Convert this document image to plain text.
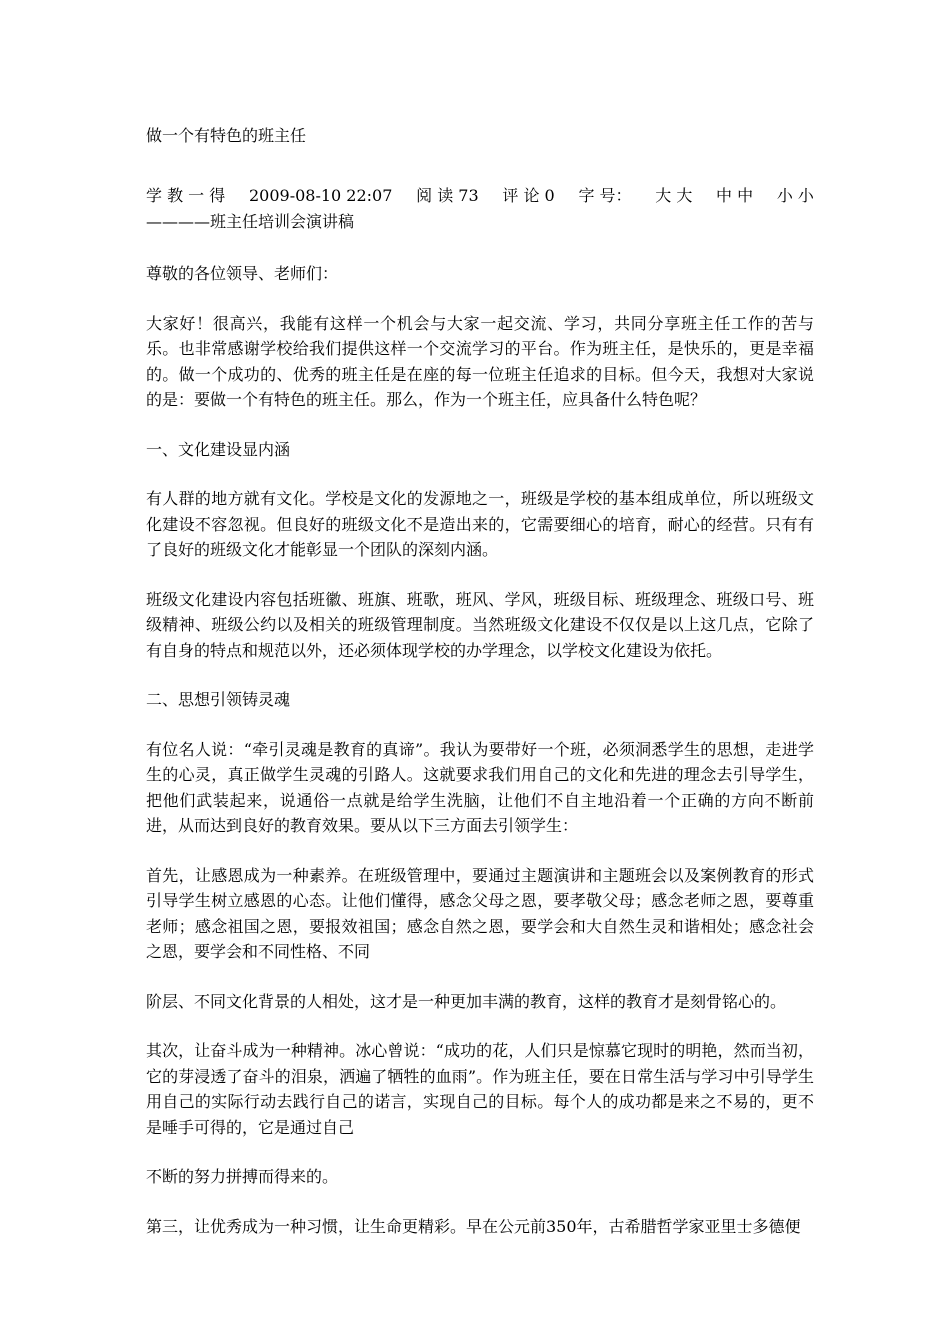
做一个有特色的班主任
学 教 一 得 2009-08-10 22:07 阅 读 73 评 论 0 字 号： 大 大 中 中 小 小
————班主任培训会演讲稿

尊敬的各位领导、老师们：

大家好！很高兴，我能有这样一个机会与大家一起交流、学习，共同分享班主任工作的苦与乐。也非常感谢学校给我们提供这样一个交流学习的平台。作为班主任，是快乐的，更是幸福的。做一个成功的、优秀的班主任是在座的每一位班主任追求的目标。但今天，我想对大家说的是：要做一个有特色的班主任。那么，作为一个班主任，应具备什么特色呢？

一、文化建设显内涵

有人群的地方就有文化。学校是文化的发源地之一，班级是学校的基本组成单位，所以班级文化建设不容忽视。但良好的班级文化不是造出来的，它需要细心的培育，耐心的经营。只有有了良好的班级文化才能彰显一个团队的深刻内涵。

班级文化建设内容包括班徽、班旗、班歌，班风、学风，班级目标、班级理念、班级口号、班级精神、班级公约以及相关的班级管理制度。当然班级文化建设不仅仅是以上这几点，它除了有自身的特点和规范以外，还必须体现学校的办学理念，以学校文化建设为依托。

二、思想引领铸灵魂

有位名人说：“牵引灵魂是教育的真谛”。我认为要带好一个班，必须洞悉学生的思想，走进学生的心灵，真正做学生灵魂的引路人。这就要求我们用自己的文化和先进的理念去引导学生，把他们武装起来，说通俗一点就是给学生洗脑，让他们不自主地沿着一个正确的方向不断前进，从而达到良好的教育效果。要从以下三方面去引领学生：

首先，让感恩成为一种素养。在班级管理中，要通过主题演讲和主题班会以及案例教育的形式引导学生树立感恩的心态。让他们懂得，感念父母之恩，要孝敬父母；感念老师之恩，要尊重老师；感念祖国之恩，要报效祖国；感念自然之恩，要学会和大自然生灵和谐相处；感念社会之恩，要学会和不同性格、不同

阶层、不同文化背景的人相处，这才是一种更加丰满的教育，这样的教育才是刻骨铭心的。

其次，让奋斗成为一种精神。冰心曾说：“成功的花，人们只是惊慕它现时的明艳，然而当初，它的芽浸透了奋斗的泪泉，洒遍了牺牲的血雨”。作为班主任，要在日常生活与学习中引导学生用自己的实际行动去践行自己的诺言，实现自己的目标。每个人的成功都是来之不易的，更不是唾手可得的，它是通过自己

不断的努力拼搏而得来的。

第三，让优秀成为一种习惯，让生命更精彩。早在公元前350年，古希腊哲学家亚里士多德便
